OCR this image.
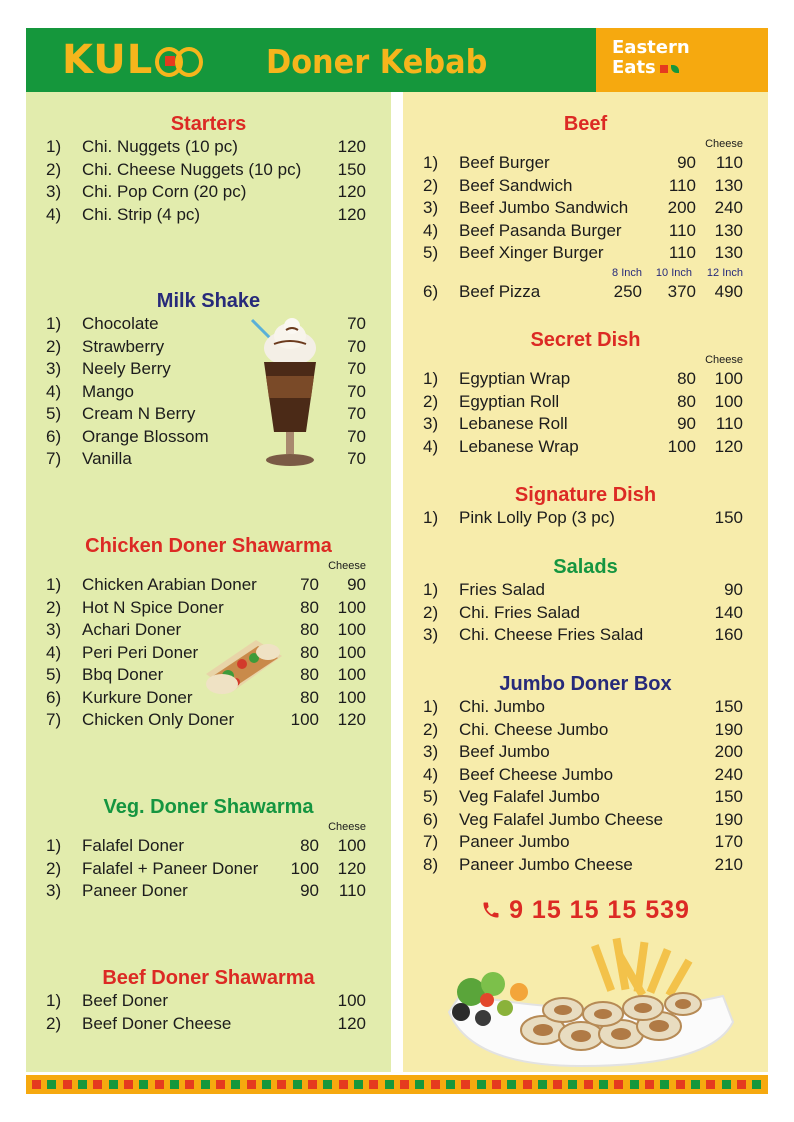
KUL	Doner Kebab	Eastern
Eats
Starters
1) Chi. Nuggets (10 pc)	120
2) Chi. Cheese Nuggets (10 pc) 150
3) Chi. Pop Corn (20 pc)	120
4) Chi. Strip (4 pc)	120
Milk Shake
1) Chocolate	70
2) Strawberry	70
3) Neely Berry	70
4) Mango	70
5) Cream N Berry	70
6) Orange Blossom	70
7) Vanilla	70
Chicken Doner Shawarma
Cheese
1) Chicken Arabian Doner	70 90
2) Hot N Spice Doner	80 100
3) Achari Doner	80 100
4) Peri Peri Doner	80 100
5) Bbq Doner	80 100
6) Kurkure Doner	80 100
7) Chicken Only Doner	100 120
Veg. Doner Shawarma
Cheese
1) Falafel Doner	80 100
2) Falafel + Paneer Doner 100 120
3) Paneer Doner	90 110
Beef Doner Shawarma
1) Beef Doner	100
2) Beef Doner Cheese	120
Beef
Cheese
1) Beef Burger	90 110
2) Beef Sandwich	110 130
3) Beef Jumbo Sandwich 200 240
4) Beef Pasanda Burger	110 130
5) Beef Xinger Burger	110 130
8 Inch 10 Inch 12 Inch
6) Beef Pizza	250 370 490
Secret Dish
Cheese
1) Egyptian Wrap	80 100
2) Egyptian Roll	80 100
3) Lebanese Roll	90 110
4) Lebanese Wrap	100 120
Signature Dish
1) Pink Lolly Pop (3 pc)	150
Salads
1) Fries Salad	90
2) Chi. Fries Salad	140
3) Chi. Cheese Fries Salad	160
Jumbo Doner Box
1) Chi. Jumbo	150
2) Chi. Cheese Jumbo	190
3) Beef Jumbo	200
4) Beef Cheese Jumbo	240
5) Veg Falafel Jumbo	150
6) Veg Falafel Jumbo Cheese	190
7) Paneer Jumbo	170
8) Paneer Jumbo Cheese	210
9 15 15 15 539
